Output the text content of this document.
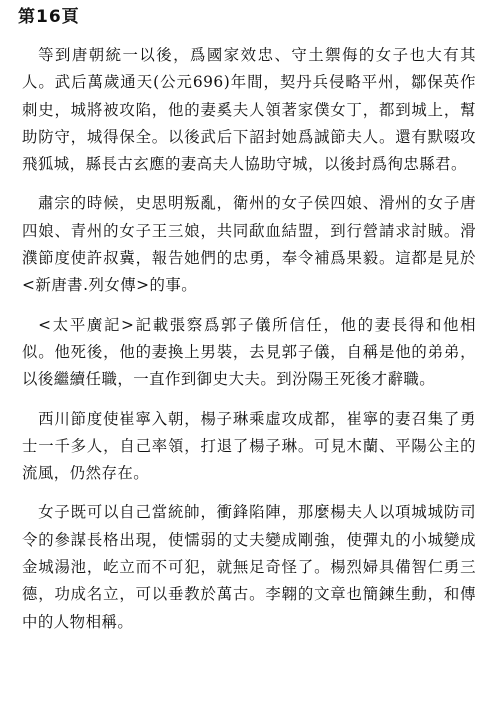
第16頁

等到唐朝統一以後，爲國家效忠、守土禦侮的女子也大有其人。武后萬歲通天(公元696)年間，契丹兵侵略平州，鄒保英作刺史，城將被攻陷，他的妻奚夫人領著家僕女丁，都到城上，幫助防守，城得保全。以後武后下詔封她爲誠節夫人。還有默啜攻飛狐城，縣長古玄應的妻高夫人協助守城，以後封爲徇忠縣君。

肅宗的時候，史思明叛亂，衛州的女子侯四娘、滑州的女子唐四娘、青州的女子王三娘，共同歃血結盟，到行營請求討賊。滑濮節度使許叔冀，報告她們的忠勇，奉令補爲果毅。這都是見於<新唐書.列女傳>的事。

<太平廣記>記載張察爲郭子儀所信任，他的妻長得和他相似。他死後，他的妻換上男裝，去見郭子儀，自稱是他的弟弟，以後繼續任職，一直作到御史大夫。到汾陽王死後才辭職。

西川節度使崔寧入朝，楊子琳乘虛攻成都，崔寧的妻召集了勇士一千多人，自己率領，打退了楊子琳。可見木蘭、平陽公主的流風，仍然存在。

女子既可以自己當統帥，衝鋒陷陣，那麼楊夫人以項城城防司令的參謀長格出現，使懦弱的丈夫變成剛強，使彈丸的小城變成金城湯池，屹立而不可犯，就無足奇怪了。楊烈婦具備智仁勇三德，功成名立，可以垂教於萬古。李翺的文章也簡鍊生動，和傳中的人物相稱。
